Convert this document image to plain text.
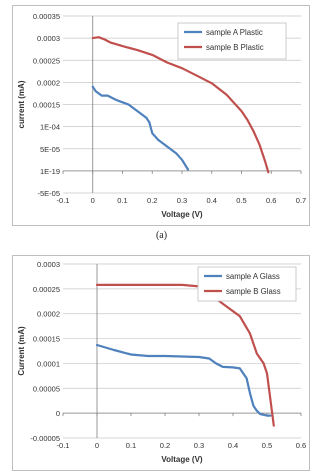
-5E-05
1E-19
5E-05
1E-04
0.00015
0.0002
0.00025
0.0003
0.00035
-0.1	0	0.1	0.2	0.3	0.4	0.5	0.6	0.7
Voltage (V)
current (mA)
sample A Plastic
sample B Plastic
(a)
-0.00005
0
0.00005
0.0001
0.00015
0.0002
0.00025
0.0003
-0.1	0	0.1	0.2	0.3	0.4	0.5	0.6
Voltage (V)
Current (mA)
sample A Glass
sample B Glass
